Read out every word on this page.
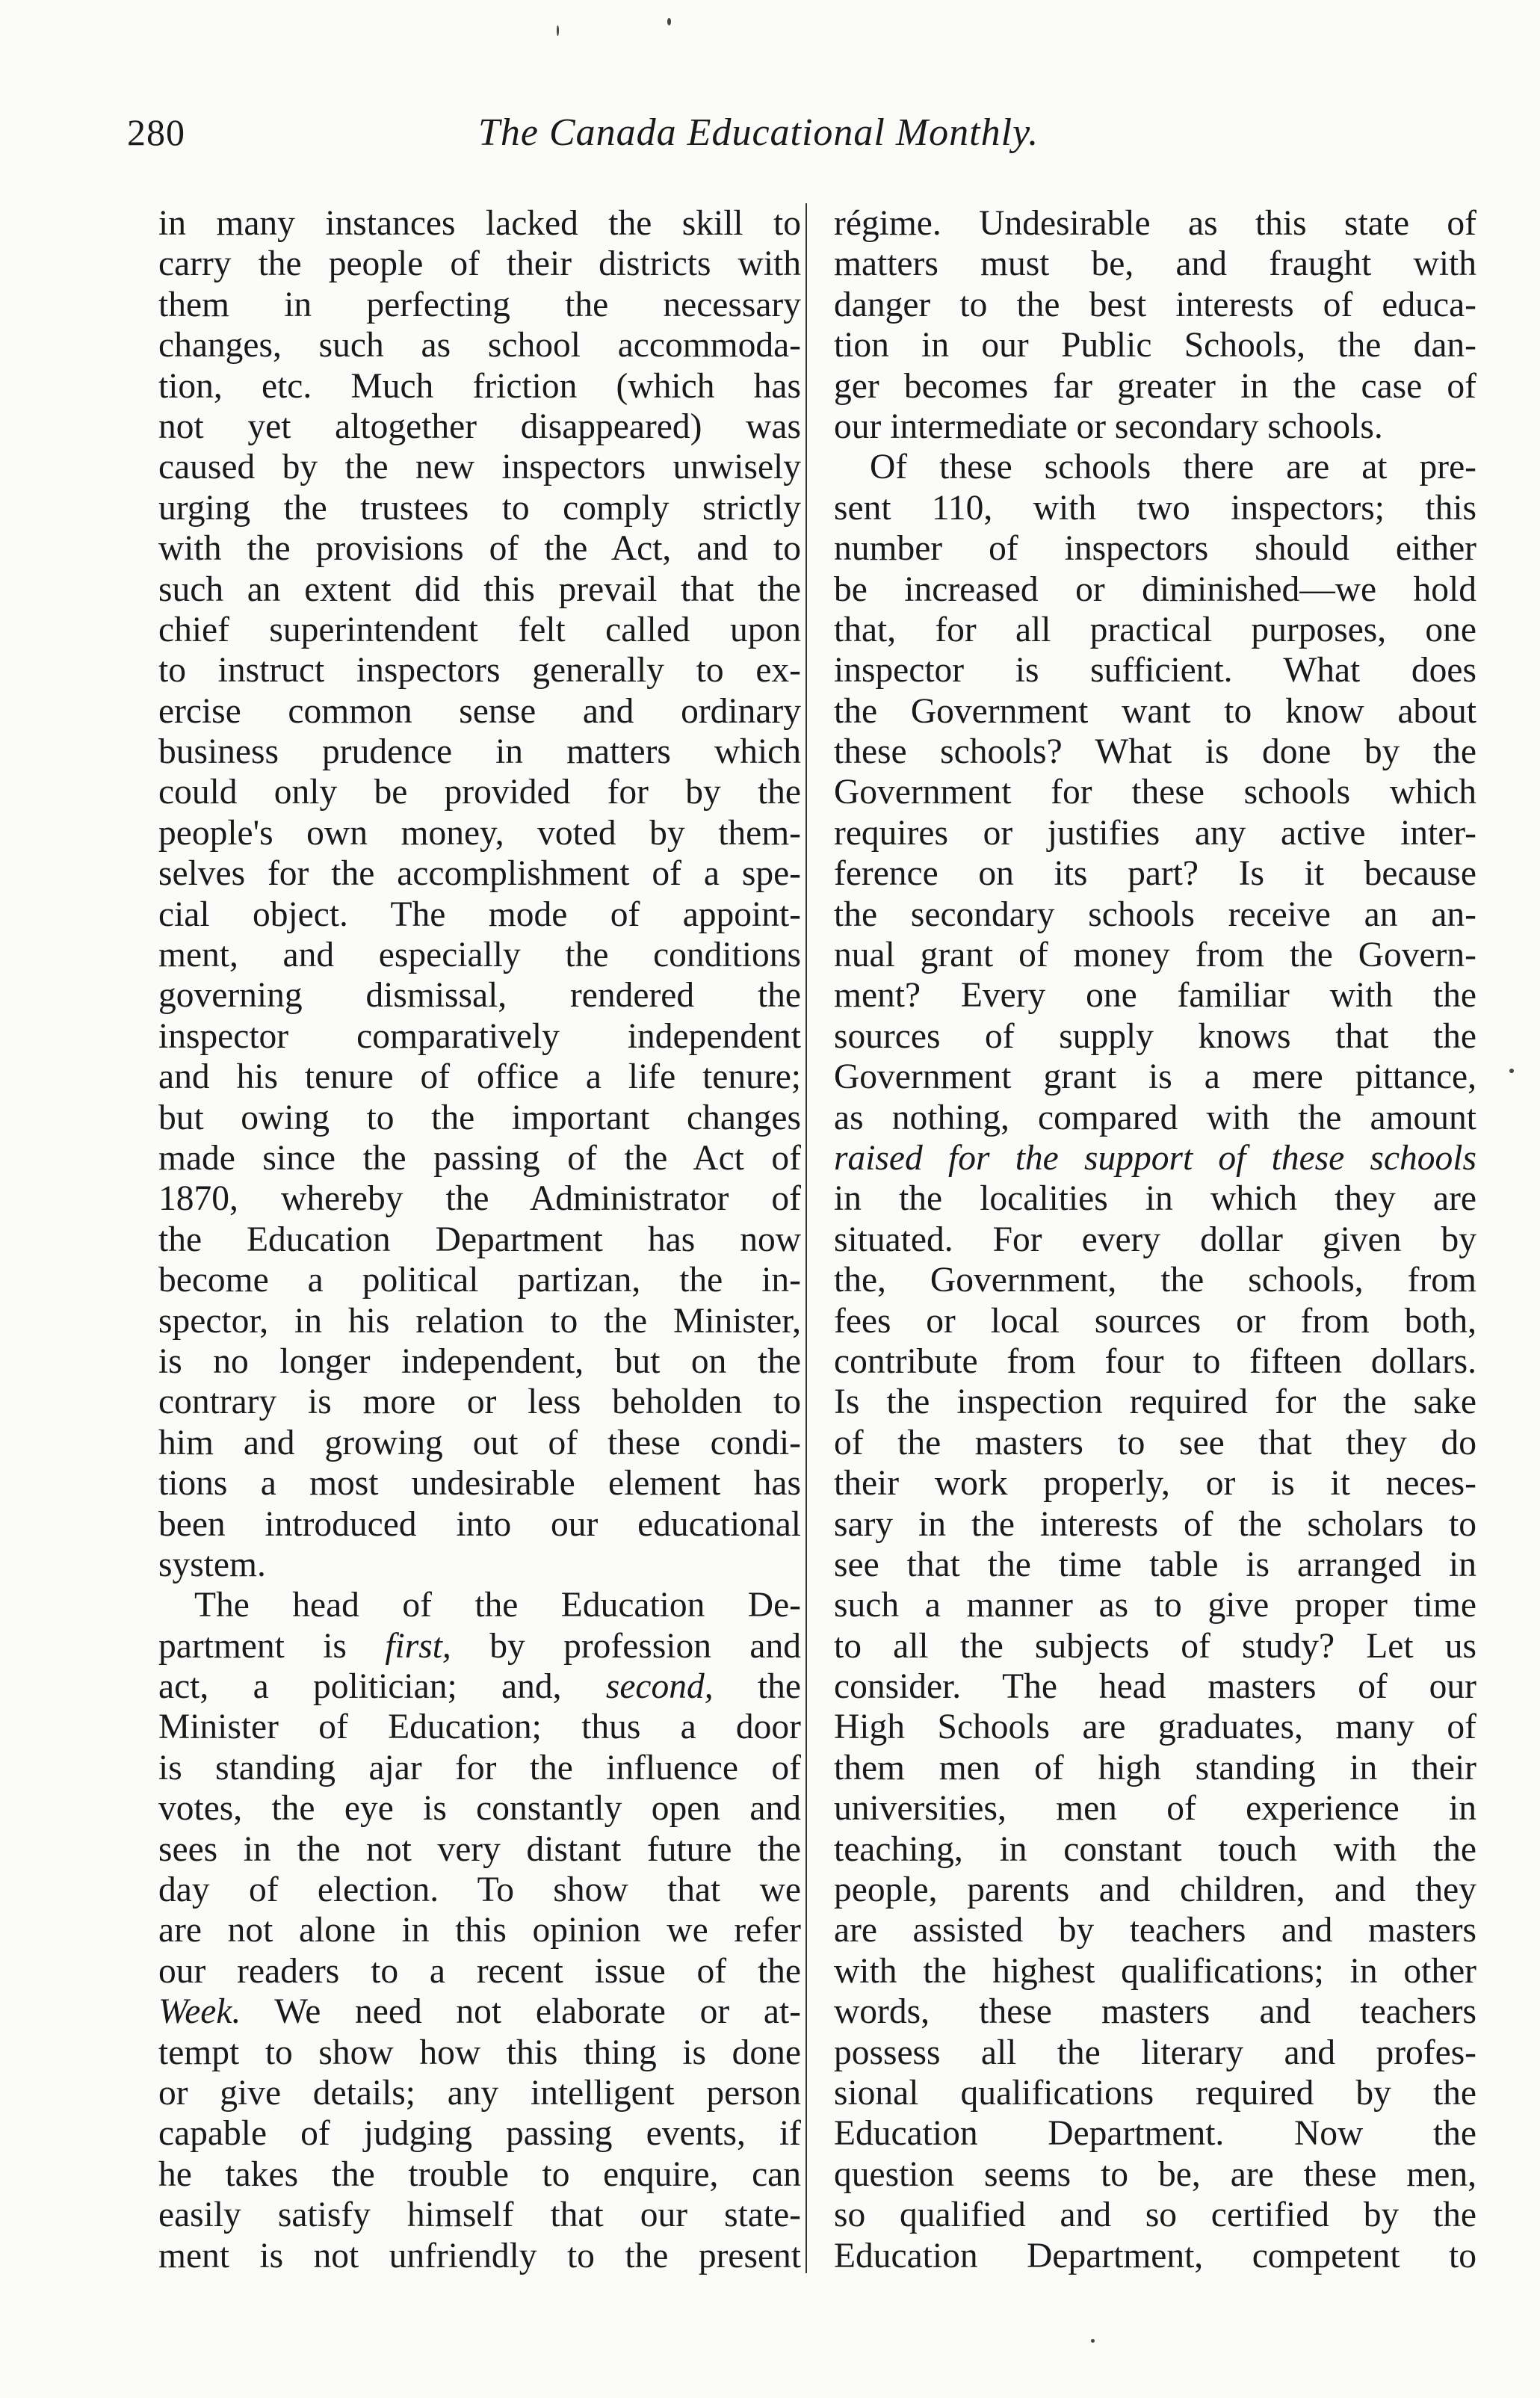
280	The Canada Educational Monthly.
in many instances lacked the skill to
carry the people of their districts with
them in perfecting the necessary
changes, such as school accommoda-
tion, etc. Much friction (which has
not yet altogether disappeared) was
caused by the new inspectors unwisely
urging the trustees to comply strictly
with the provisions of the Act, and to
such an extent did this prevail that the
chief superintendent felt called upon
to instruct inspectors generally to ex-
ercise common sense and ordinary
business prudence in matters which
could only be provided for by the
people's own money, voted by them-
selves for the accomplishment of a spe-
cial object. The mode of appoint-
ment, and especially the conditions
governing dismissal, rendered the
inspector comparatively independent
and his tenure of office a life tenure;
but owing to the important changes
made since the passing of the Act of
1870, whereby the Administrator of
the Education Department has now
become a political partizan, the in-
spector, in his relation to the Minister,
is no longer independent, but on the
contrary is more or less beholden to
him and growing out of these condi-
tions a most undesirable element has
been introduced into our educational
system.
The head of the Education De-
partment is first, by profession and
act, a politician; and, second, the
Minister of Education; thus a door
is standing ajar for the influence of
votes, the eye is constantly open and
sees in the not very distant future the
day of election. To show that we
are not alone in this opinion we refer
our readers to a recent issue of the
Week. We need not elaborate or at-
tempt to show how this thing is done
or give details; any intelligent person
capable of judging passing events, if
he takes the trouble to enquire, can
easily satisfy himself that our state-
ment is not unfriendly to the present
régime. Undesirable as this state of
matters must be, and fraught with
danger to the best interests of educa-
tion in our Public Schools, the dan-
ger becomes far greater in the case of
our intermediate or secondary schools.
Of these schools there are at pre-
sent 110, with two inspectors; this
number of inspectors should either
be increased or diminished—we hold
that, for all practical purposes, one
inspector is sufficient. What does
the Government want to know about
these schools? What is done by the
Government for these schools which
requires or justifies any active inter-
ference on its part? Is it because
the secondary schools receive an an-
nual grant of money from the Govern-
ment? Every one familiar with the
sources of supply knows that the
Government grant is a mere pittance,
as nothing, compared with the amount
raised for the support of these schools
in the localities in which they are
situated. For every dollar given by
the, Government, the schools, from
fees or local sources or from both,
contribute from four to fifteen dollars.
Is the inspection required for the sake
of the masters to see that they do
their work properly, or is it neces-
sary in the interests of the scholars to
see that the time table is arranged in
such a manner as to give proper time
to all the subjects of study? Let us
consider. The head masters of our
High Schools are graduates, many of
them men of high standing in their
universities, men of experience in
teaching, in constant touch with the
people, parents and children, and they
are assisted by teachers and masters
with the highest qualifications; in other
words, these masters and teachers
possess all the literary and profes-
sional qualifications required by the
Education Department. Now the
question seems to be, are these men,
so qualified and so certified by the
Education Department, competent to
